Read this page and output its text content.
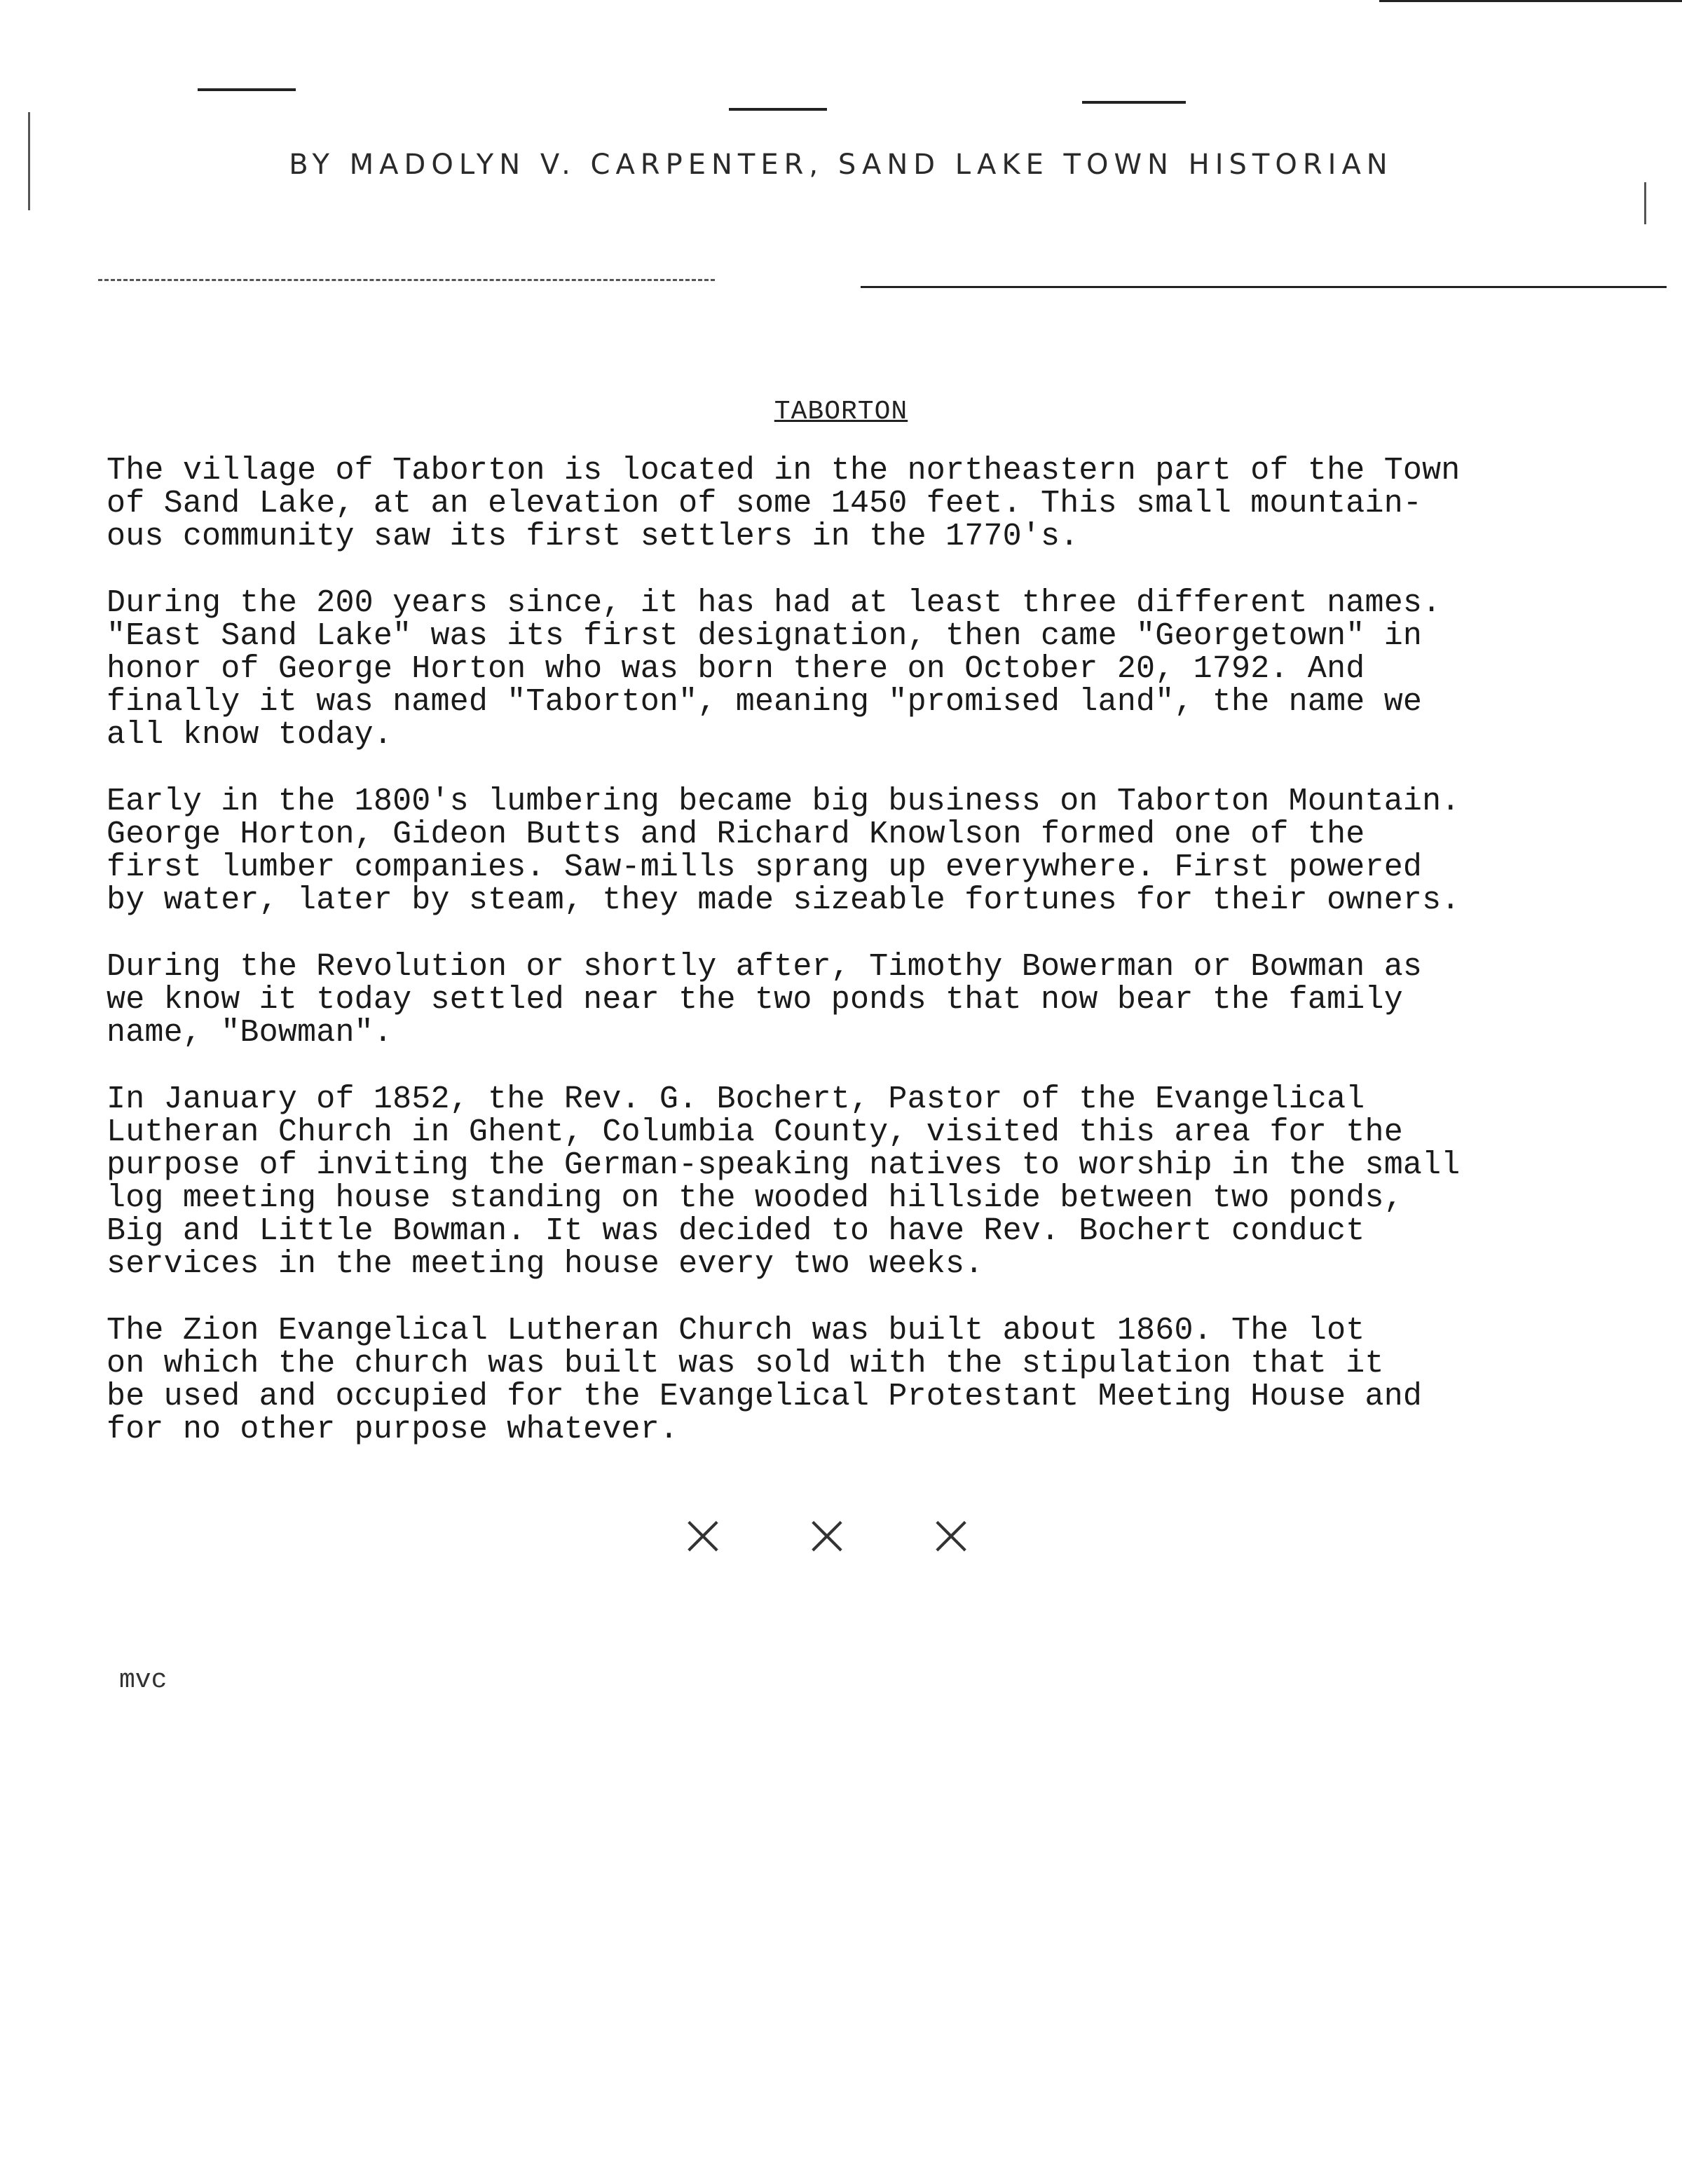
BY MADOLYN V. CARPENTER, SAND LAKE TOWN HISTORIAN
TABORTON

The village of Taborton is located in the northeastern part of the Town
of Sand Lake, at an elevation of some 1450 feet. This small mountain-
ous community saw its first settlers in the 1770's.

During the 200 years since, it has had at least three different names.
"East Sand Lake" was its first designation, then came "Georgetown" in
honor of George Horton who was born there on October 20, 1792. And
finally it was named "Taborton", meaning "promised land", the name we
all know today.

Early in the 1800's lumbering became big business on Taborton Mountain.
George Horton, Gideon Butts and Richard Knowlson formed one of the
first lumber companies. Saw-mills sprang up everywhere. First powered
by water, later by steam, they made sizeable fortunes for their owners.

During the Revolution or shortly after, Timothy Bowerman or Bowman as
we know it today settled near the two ponds that now bear the family
name, "Bowman".

In January of 1852, the Rev. G. Bochert, Pastor of the Evangelical
Lutheran Church in Ghent, Columbia County, visited this area for the
purpose of inviting the German-speaking natives to worship in the small
log meeting house standing on the wooded hillside between two ponds,
Big and Little Bowman. It was decided to have Rev. Bochert conduct
services in the meeting house every two weeks.

The Zion Evangelical Lutheran Church was built about 1860. The lot
on which the church was built was sold with the stipulation that it
be used and occupied for the Evangelical Protestant Meeting House and
for no other purpose whatever.

× × ×
mvc
